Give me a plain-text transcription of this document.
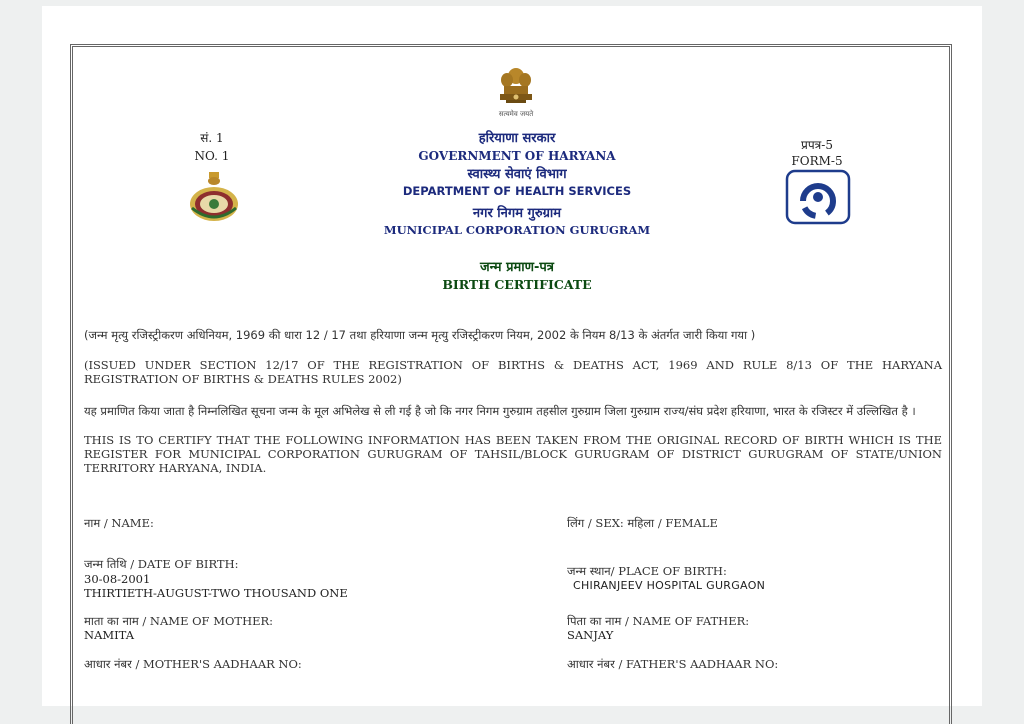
सत्यमेव जयते
सं. 1
NO. 1
प्रपत्र-5
FORM-5
हरियाणा सरकार
GOVERNMENT OF HARYANA
स्वास्थ्य सेवाएं विभाग
DEPARTMENT OF HEALTH SERVICES
नगर निगम गुरुग्राम
MUNICIPAL CORPORATION GURUGRAM
जन्म प्रमाण-पत्र
BIRTH CERTIFICATE
(जन्म मृत्यु रजिस्ट्रीकरण अधिनियम, 1969 की धारा 12 / 17 तथा हरियाणा जन्म मृत्यु रजिस्ट्रीकरण नियम, 2002 के नियम 8/13 के अंतर्गत जारी किया गया )
(ISSUED UNDER SECTION 12/17 OF THE REGISTRATION OF BIRTHS & DEATHS ACT, 1969 AND RULE 8/13 OF THE HARYANA REGISTRATION OF BIRTHS & DEATHS RULES 2002)
यह प्रमाणित किया जाता है निम्नलिखित सूचना जन्म के मूल अभिलेख से ली गई है जो कि नगर निगम गुरुग्राम तहसील गुरुग्राम जिला गुरुग्राम राज्य/संघ प्रदेश हरियाणा, भारत के रजिस्टर में उल्लिखित है ।
THIS IS TO CERTIFY THAT THE FOLLOWING INFORMATION HAS BEEN TAKEN FROM THE ORIGINAL RECORD OF BIRTH WHICH IS THE REGISTER FOR MUNICIPAL CORPORATION GURUGRAM OF TAHSIL/BLOCK GURUGRAM OF DISTRICT GURUGRAM OF STATE/UNION TERRITORY HARYANA, INDIA.
नाम / NAME:	लिंग / SEX: महिला / FEMALE
जन्म तिथि / DATE OF BIRTH:
30-08-2001
THIRTIETH-AUGUST-TWO THOUSAND ONE
जन्म स्थान/ PLACE OF BIRTH:
CHIRANJEEV HOSPITAL GURGAON
माता का नाम / NAME OF MOTHER:
NAMITA
पिता का नाम / NAME OF FATHER:
SANJAY
आधार नंबर / MOTHER'S AADHAAR NO:	आधार नंबर / FATHER'S AADHAAR NO:
